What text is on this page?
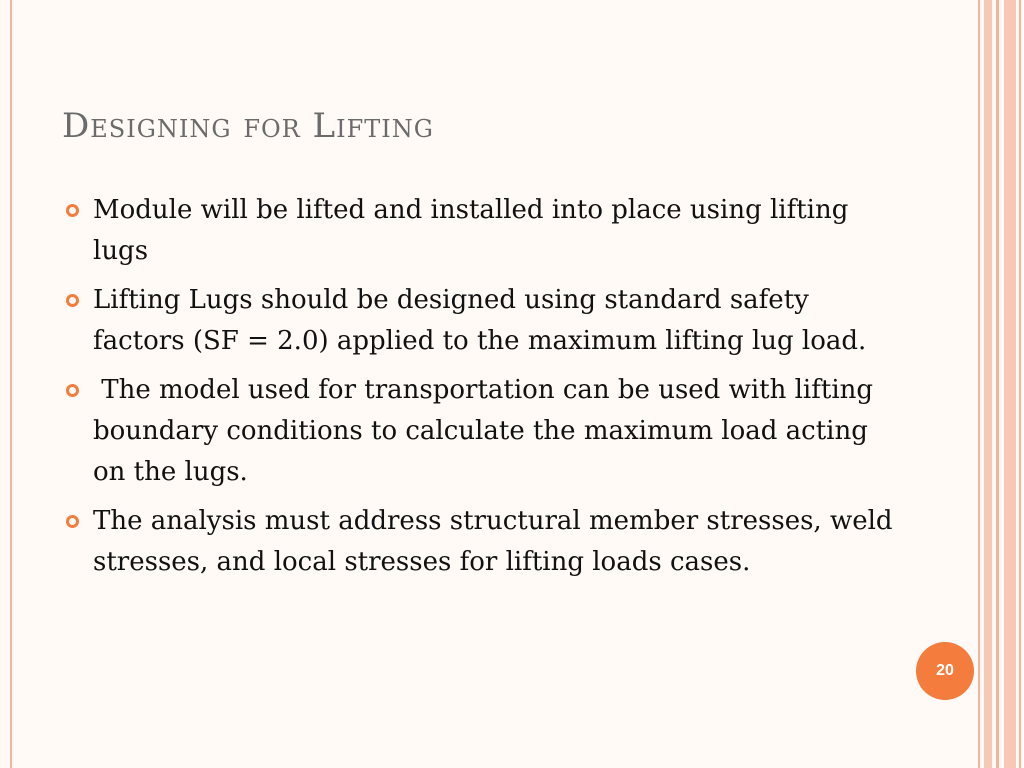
Designing for Lifting
Module will be lifted and installed into place using lifting lugs
Lifting Lugs should be designed using standard safety factors (SF = 2.0) applied to the maximum lifting lug load.
The model used for transportation can be used with lifting boundary conditions to calculate the maximum load acting on the lugs.
The analysis must address structural member stresses, weld stresses, and local stresses for lifting loads cases.
20
